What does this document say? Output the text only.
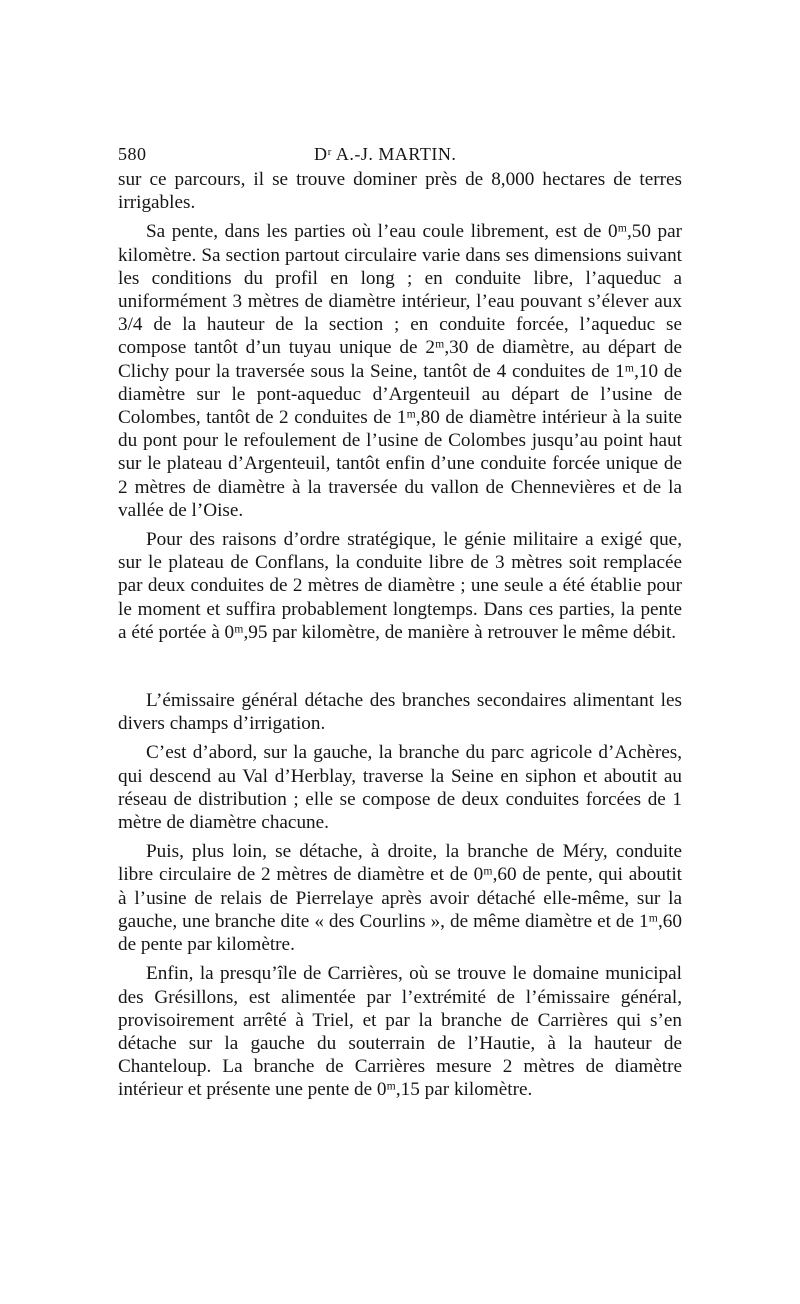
580	Dʳ A.-J. MARTIN.

sur ce parcours, il se trouve dominer près de 8,000 hectares de terres irrigables.

Sa pente, dans les parties où l’eau coule librement, est de 0ᵐ,50 par kilomètre. Sa section partout circulaire varie dans ses dimensions suivant les conditions du profil en long ; en conduite libre, l’aqueduc a uniformément 3 mètres de diamètre intérieur, l’eau pouvant s’élever aux 3/4 de la hauteur de la section ; en conduite forcée, l’aqueduc se compose tantôt d’un tuyau unique de 2ᵐ,30 de diamètre, au départ de Clichy pour la traversée sous la Seine, tantôt de 4 conduites de 1ᵐ,10 de diamètre sur le pont-aqueduc d’Argenteuil au départ de l’usine de Colombes, tantôt de 2 conduites de 1ᵐ,80 de diamètre intérieur à la suite du pont pour le refoulement de l’usine de Colombes jusqu’au point haut sur le plateau d’Argenteuil, tantôt enfin d’une conduite forcée unique de 2 mètres de diamètre à la traversée du vallon de Chennevières et de la vallée de l’Oise.

Pour des raisons d’ordre stratégique, le génie militaire a exigé que, sur le plateau de Conflans, la conduite libre de 3 mètres soit remplacée par deux conduites de 2 mètres de diamètre ; une seule a été établie pour le moment et suffira probablement longtemps. Dans ces parties, la pente a été portée à 0ᵐ,95 par kilomètre, de manière à retrouver le même débit.

L’émissaire général détache des branches secondaires alimentant les divers champs d’irrigation.

C’est d’abord, sur la gauche, la branche du parc agricole d’Achères, qui descend au Val d’Herblay, traverse la Seine en siphon et aboutit au réseau de distribution ; elle se compose de deux conduites forcées de 1 mètre de diamètre chacune.

Puis, plus loin, se détache, à droite, la branche de Méry, conduite libre circulaire de 2 mètres de diamètre et de 0ᵐ,60 de pente, qui aboutit à l’usine de relais de Pierrelaye après avoir détaché elle-même, sur la gauche, une branche dite « des Courlins », de même diamètre et de 1ᵐ,60 de pente par kilomètre.

Enfin, la presqu’île de Carrières, où se trouve le domaine municipal des Grésillons, est alimentée par l’extrémité de l’émissaire général, provisoirement arrêté à Triel, et par la branche de Carrières qui s’en détache sur la gauche du souterrain de l’Hautie, à la hauteur de Chanteloup. La branche de Carrières mesure 2 mètres de diamètre intérieur et présente une pente de 0ᵐ,15 par kilomètre.
